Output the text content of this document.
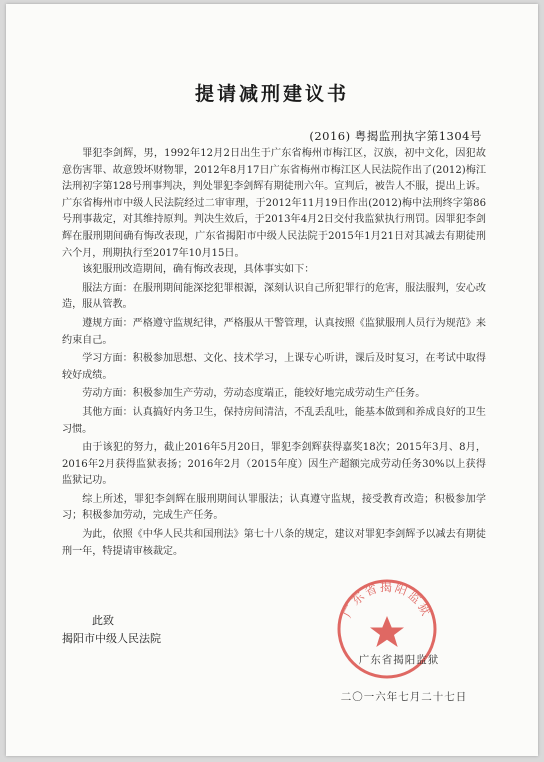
提请减刑建议书
(2016) 粤揭监刑执字第1304号

罪犯李剑辉，男，1992年12月2日出生于广东省梅州市梅江区，汉族，初中文化，因犯故意伤害罪、故意毁坏财物罪，2012年8月17日广东省梅州市梅江区人民法院作出了(2012)梅江法刑初字第128号刑事判决，判处罪犯李剑辉有期徒刑六年。宣判后，被告人不服，提出上诉。广东省梅州市中级人民法院经过二审审理，于2012年11月19日作出(2012)梅中法刑终字第86号刑事裁定，对其维持原判。判决生效后，于2013年4月2日交付我监狱执行刑罚。因罪犯李剑辉在服刑期间确有悔改表现，广东省揭阳市中级人民法院于2015年1月21日对其减去有期徒刑六个月，刑期执行至2017年10月15日。

该犯服刑改造期间，确有悔改表现，具体事实如下：

服法方面：在服刑期间能深挖犯罪根源，深刻认识自己所犯罪行的危害，服法服判，安心改造，服从管教。

遵规方面：严格遵守监规纪律，严格服从干警管理，认真按照《监狱服刑人员行为规范》来约束自己。

学习方面：积极参加思想、文化、技术学习，上课专心听讲，课后及时复习，在考试中取得较好成绩。

劳动方面：积极参加生产劳动，劳动态度端正，能较好地完成劳动生产任务。

其他方面：认真搞好内务卫生，保持房间清洁，不乱丢乱吐，能基本做到和养成良好的卫生习惯。

由于该犯的努力，截止2016年5月20日，罪犯李剑辉获得嘉奖18次；2015年3月、8月，2016年2月获得监狱表扬；2016年2月（2015年度）因生产超额完成劳动任务30%以上获得监狱记功。

综上所述，罪犯李剑辉在服刑期间认罪服法；认真遵守监规，接受教育改造；积极参加学习；积极参加劳动，完成生产任务。

为此，依照《中华人民共和国刑法》第七十八条的规定，建议对罪犯李剑辉予以减去有期徒刑一年，特提请审核裁定。

此致
揭阳市中级人民法院
广东省揭阳监狱
广东省揭阳监狱
二〇一六年七月二十七日
